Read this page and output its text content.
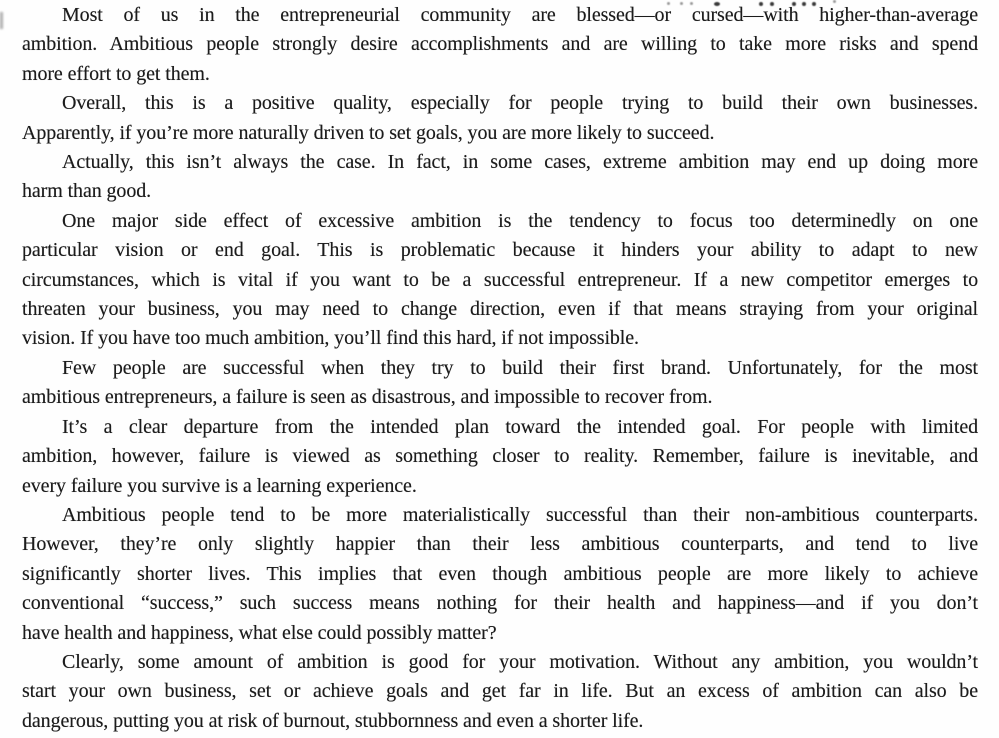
Most of us in the entrepreneurial community are blessed—or cursed—with higher-than-average
ambition. Ambitious people strongly desire accomplishments and are willing to take more risks and spend
more effort to get them.

Overall, this is a positive quality, especially for people trying to build their own businesses.
Apparently, if you’re more naturally driven to set goals, you are more likely to succeed.

Actually, this isn’t always the case. In fact, in some cases, extreme ambition may end up doing more
harm than good.

One major side effect of excessive ambition is the tendency to focus too determinedly on one
particular vision or end goal. This is problematic because it hinders your ability to adapt to new
circumstances, which is vital if you want to be a successful entrepreneur. If a new competitor emerges to
threaten your business, you may need to change direction, even if that means straying from your original
vision. If you have too much ambition, you’ll find this hard, if not impossible.

Few people are successful when they try to build their first brand. Unfortunately, for the most
ambitious entrepreneurs, a failure is seen as disastrous, and impossible to recover from.

It’s a clear departure from the intended plan toward the intended goal. For people with limited
ambition, however, failure is viewed as something closer to reality. Remember, failure is inevitable, and
every failure you survive is a learning experience.

Ambitious people tend to be more materialistically successful than their non-ambitious counterparts.
However, they’re only slightly happier than their less ambitious counterparts, and tend to live
significantly shorter lives. This implies that even though ambitious people are more likely to achieve
conventional “success,” such success means nothing for their health and happiness—and if you don’t
have health and happiness, what else could possibly matter?

Clearly, some amount of ambition is good for your motivation. Without any ambition, you wouldn’t
start your own business, set or achieve goals and get far in life. But an excess of ambition can also be
dangerous, putting you at risk of burnout, stubbornness and even a shorter life.
